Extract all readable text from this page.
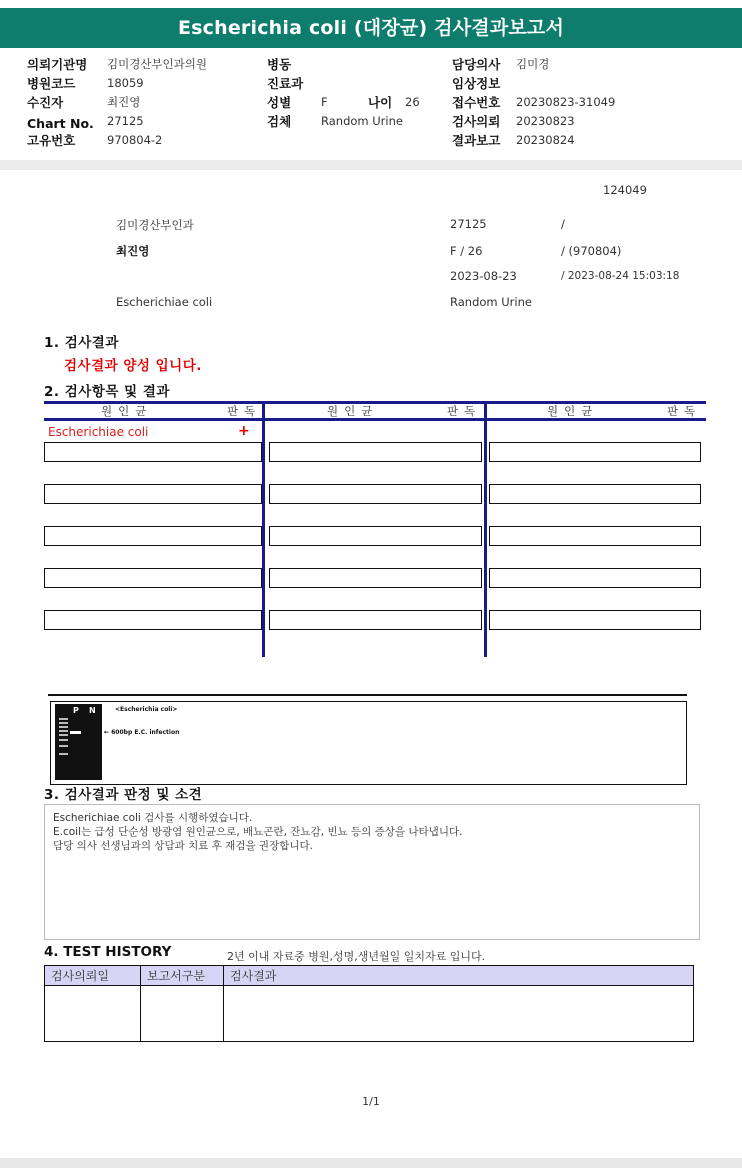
Escherichia coli (대장균) 검사결과보고서
의뢰기관명 김미경산부인과의원
병원코드	18059
수진자	최진영
Chart No. 27125
고유번호	970804-2
병동
진료과
성별	F	나이 26
검체	Random Urine
담당의사 김미경
임상정보
접수번호 20230823-31049
검사의뢰 20230823
결과보고 20230824
124049
김미경산부인과	27125	/
최진영	F / 26	/ (970804)
2023-08-23	/ 2023-08-24 15:03:18
Escherichiae coli	Random Urine
1. 검사결과
검사결과 양성 입니다.
2. 검사항목 및 결과
원인균	판독	원인균	판독	원인균	판독
Escherichiae coli	+
P N	<Escherichia coli>
← 600bp E.C. infection
3. 검사결과 판정 및 소견

Escherichiae coli 검사를 시행하였습니다.

E.coil는 급성 단순성 방광염 원인균으로, 배뇨곤란, 잔뇨감, 빈뇨 등의 증상을 나타냅니다.

담당 의사 선생님과의 상담과 치료 후 재검을 권장합니다.

4. TEST HISTORY	2년 이내 자료중 병원,성명,생년월일 일치자료 입니다.
검사의뢰일	보고서구분	검사결과

1/1
